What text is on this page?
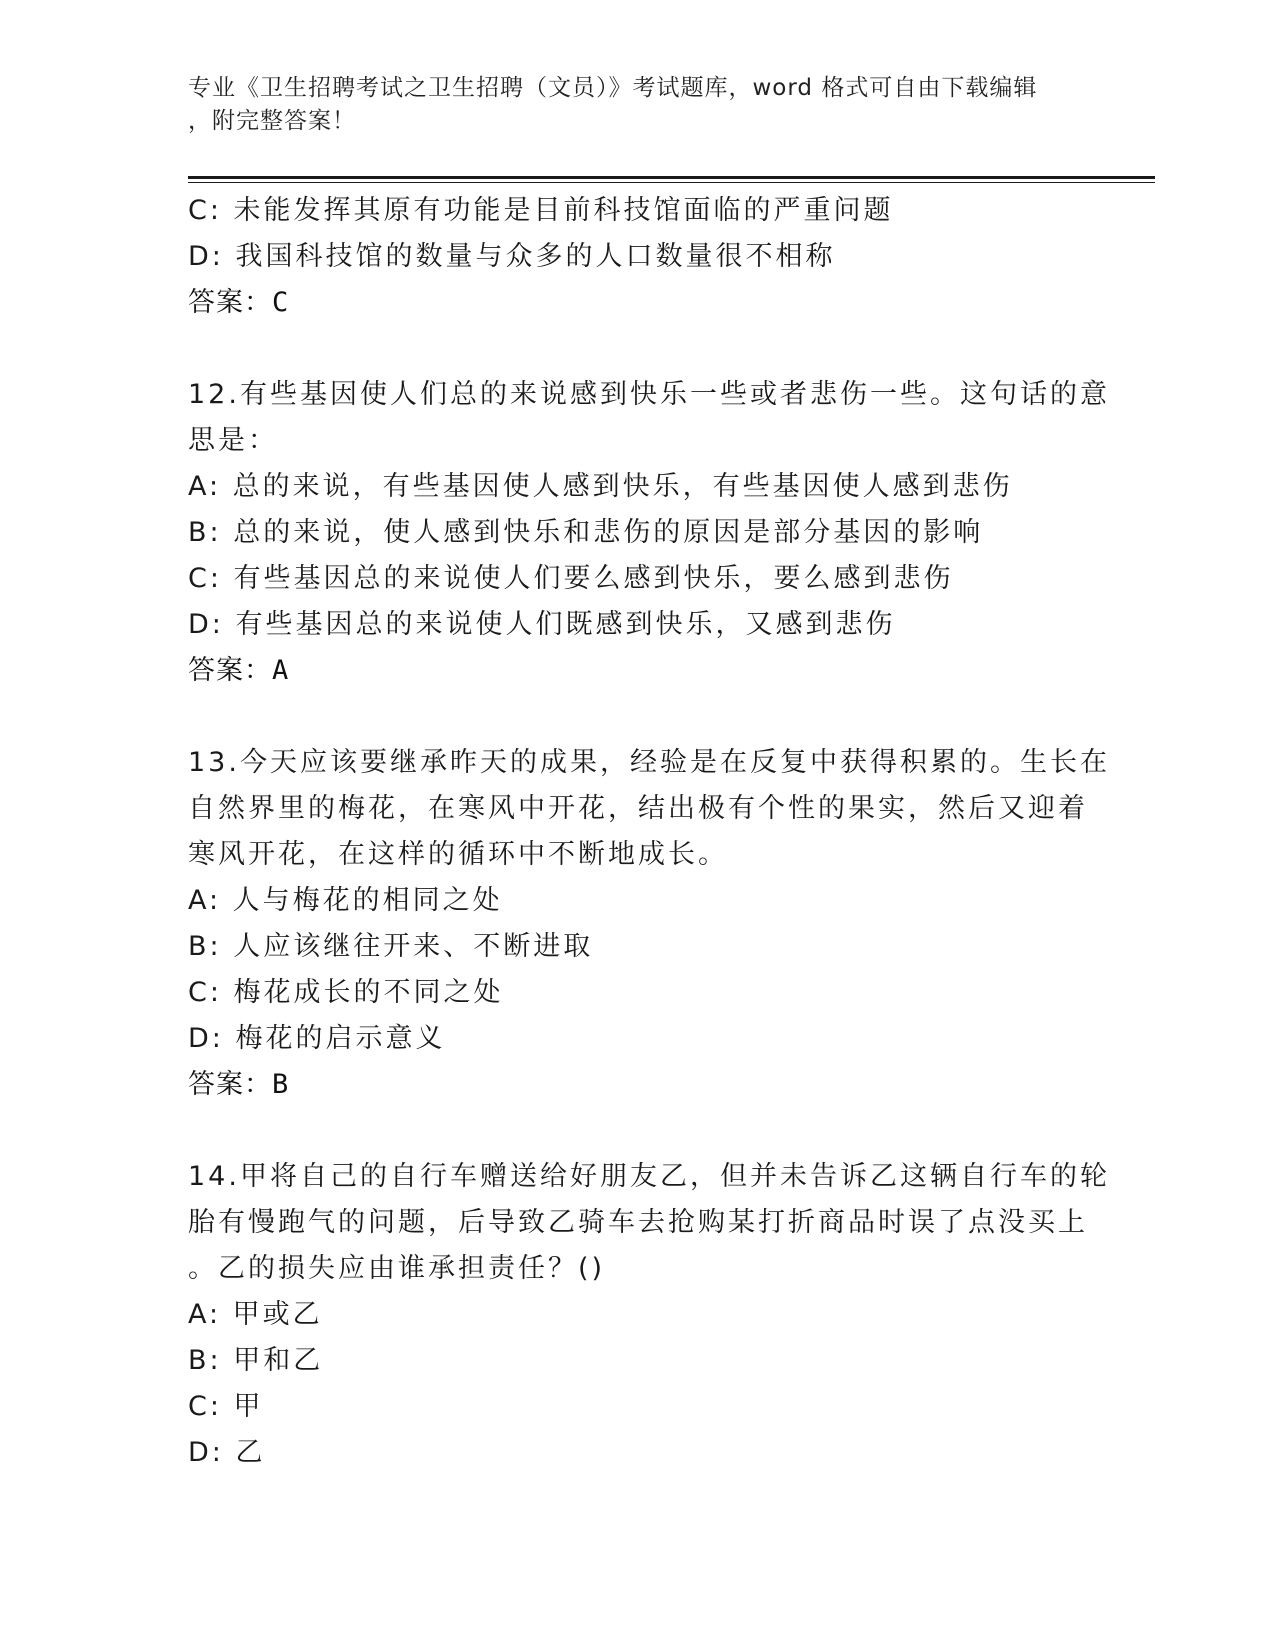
专业《卫生招聘考试之卫生招聘（文员）》考试题库，word 格式可自由下载编辑
，附完整答案！
C: 未能发挥其原有功能是目前科技馆面临的严重问题
D: 我国科技馆的数量与众多的人口数量很不相称
答案：C
12.有些基因使人们总的来说感到快乐一些或者悲伤一些。这句话的意
思是：
A: 总的来说，有些基因使人感到快乐，有些基因使人感到悲伤
B: 总的来说，使人感到快乐和悲伤的原因是部分基因的影响
C: 有些基因总的来说使人们要么感到快乐，要么感到悲伤
D: 有些基因总的来说使人们既感到快乐，又感到悲伤
答案：A
13.今天应该要继承昨天的成果，经验是在反复中获得积累的。生长在
自然界里的梅花，在寒风中开花，结出极有个性的果实，然后又迎着
寒风开花，在这样的循环中不断地成长。
A: 人与梅花的相同之处
B: 人应该继往开来、不断进取
C: 梅花成长的不同之处
D: 梅花的启示意义
答案：B
14.甲将自己的自行车赠送给好朋友乙，但并未告诉乙这辆自行车的轮
胎有慢跑气的问题，后导致乙骑车去抢购某打折商品时误了点没买上
。乙的损失应由谁承担责任？()
A: 甲或乙
B: 甲和乙
C: 甲
D: 乙
